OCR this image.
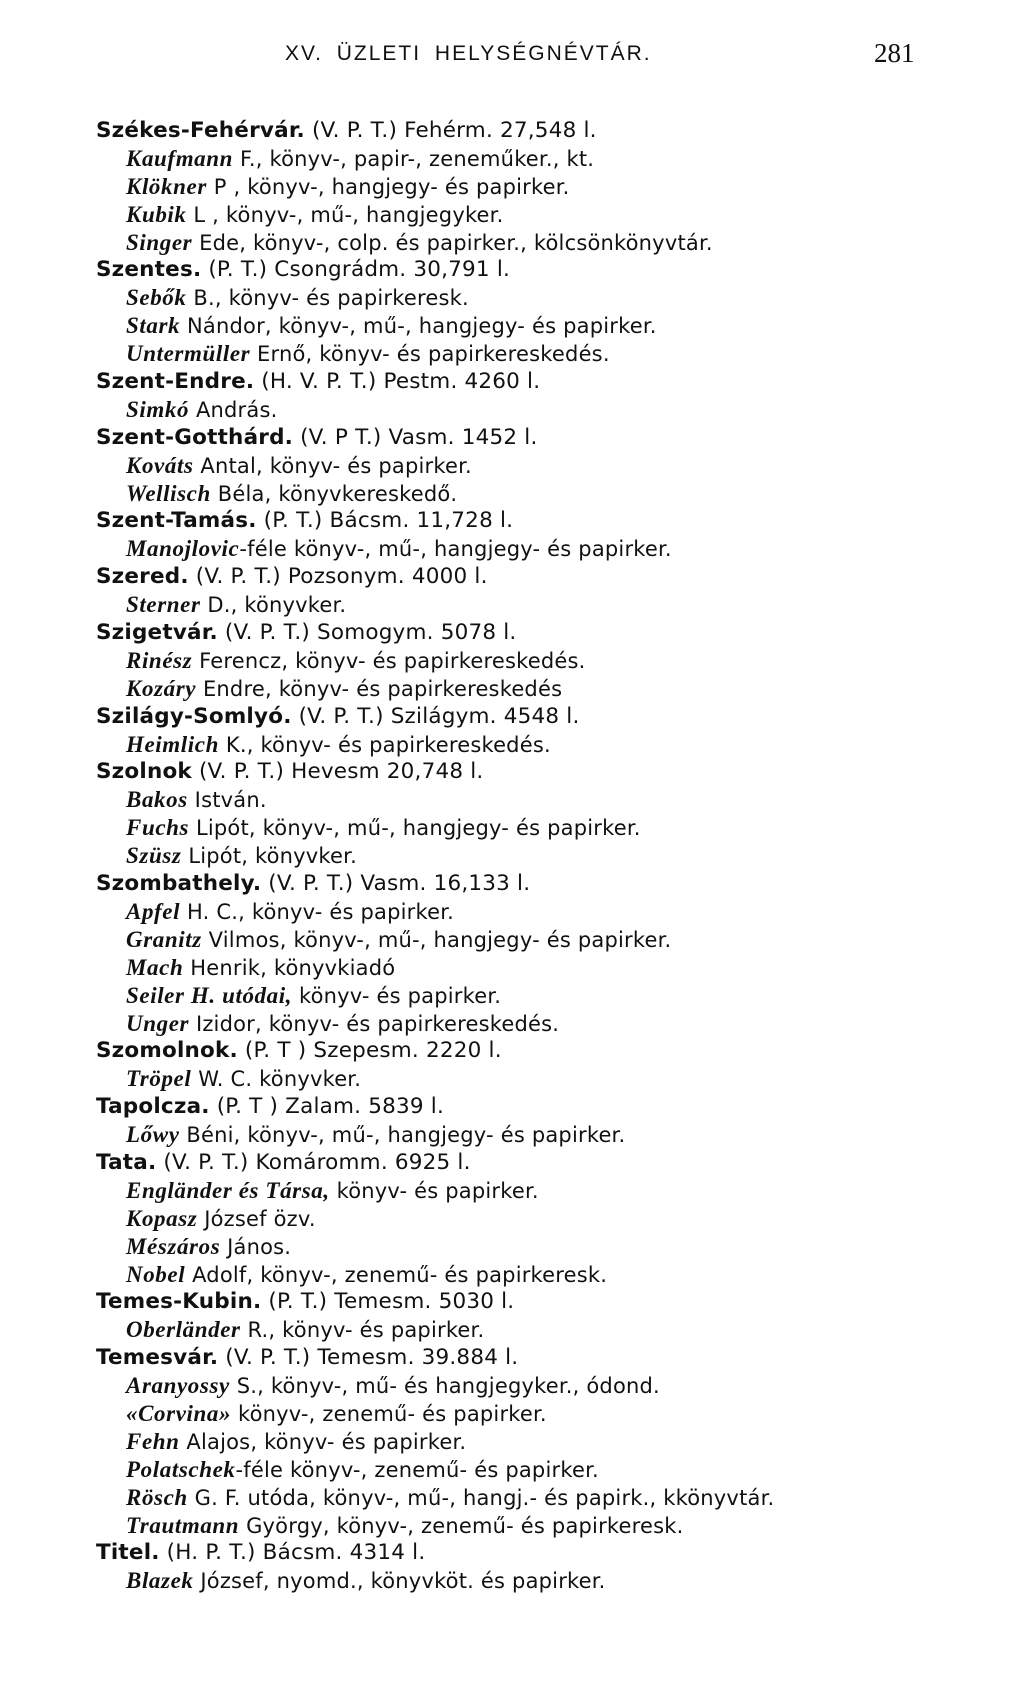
XV. ÜZLETI HELYSÉGNÉVTÁR.	281
Székes-Fehérvár. (V. P. T.) Fehérm. 27,548 l.
Kaufmann F., könyv-, papir-, zeneműker., kt.
Klökner P , könyv-, hangjegy- és papirker.
Kubik L , könyv-, mű-, hangjegyker.
Singer Ede, könyv-, colp. és papirker., kölcsönkönyvtár.
Szentes. (P. T.) Csongrádm. 30,791 l.
Sebők B., könyv- és papirkeresk.
Stark Nándor, könyv-, mű-, hangjegy- és papirker.
Untermüller Ernő, könyv- és papirkereskedés.
Szent-Endre. (H. V. P. T.) Pestm. 4260 l.
Simkó András.
Szent-Gotthárd. (V. P T.) Vasm. 1452 l.
Kováts Antal, könyv- és papirker.
Wellisch Béla, könyvkereskedő.
Szent-Tamás. (P. T.) Bácsm. 11,728 l.
Manojlovic-féle könyv-, mű-, hangjegy- és papirker.
Szered. (V. P. T.) Pozsonym. 4000 l.
Sterner D., könyvker.
Szigetvár. (V. P. T.) Somogym. 5078 l.
Rinész Ferencz, könyv- és papirkereskedés.
Kozáry Endre, könyv- és papirkereskedés
Szilágy-Somlyó. (V. P. T.) Szilágym. 4548 l.
Heimlich K., könyv- és papirkereskedés.
Szolnok (V. P. T.) Hevesm 20,748 l.
Bakos István.
Fuchs Lipót, könyv-, mű-, hangjegy- és papirker.
Szüsz Lipót, könyvker.
Szombathely. (V. P. T.) Vasm. 16,133 l.
Apfel H. C., könyv- és papirker.
Granitz Vilmos, könyv-, mű-, hangjegy- és papirker.
Mach Henrik, könyvkiadó
Seiler H. utódai, könyv- és papirker.
Unger Izidor, könyv- és papirkereskedés.
Szomolnok. (P. T ) Szepesm. 2220 l.
Tröpel W. C. könyvker.
Tapolcza. (P. T ) Zalam. 5839 l.
Lőwy Béni, könyv-, mű-, hangjegy- és papirker.
Tata. (V. P. T.) Komáromm. 6925 l.
Engländer és Társa, könyv- és papirker.
Kopasz József özv.
Mészáros János.
Nobel Adolf, könyv-, zenemű- és papirkeresk.
Temes-Kubin. (P. T.) Temesm. 5030 l.
Oberländer R., könyv- és papirker.
Temesvár. (V. P. T.) Temesm. 39.884 l.
Aranyossy S., könyv-, mű- és hangjegyker., ódond.
«Corvina» könyv-, zenemű- és papirker.
Fehn Alajos, könyv- és papirker.
Polatschek-féle könyv-, zenemű- és papirker.
Rösch G. F. utóda, könyv-, mű-, hangj.- és papirk., kkönyvtár.
Trautmann György, könyv-, zenemű- és papirkeresk.
Titel. (H. P. T.) Bácsm. 4314 l.
Blazek József, nyomd., könyvköt. és papirker.
